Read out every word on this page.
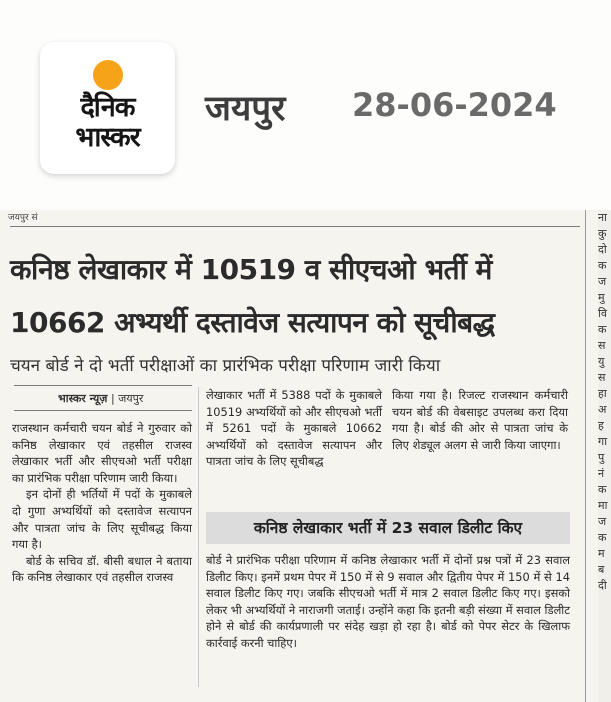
दैनिक
भास्कर
जयपुर 28-06-2024
जयपुर सं
कनिष्ठ लेखाकार में 10519 व सीएचओ भर्ती में
10662 अभ्यर्थी दस्तावेज सत्यापन को सूचीबद्ध
चयन बोर्ड ने दो भर्ती परीक्षाओं का प्रारंभिक परीक्षा परिणाम जारी किया
भास्कर न्यूज़ | जयपुर

राजस्थान कर्मचारी चयन बोर्ड ने गुरुवार को कनिष्ठ लेखाकार एवं तहसील राजस्व लेखाकार भर्ती और सीएचओ भर्ती परीक्षा का प्रारंभिक परीक्षा परिणाम जारी किया।

इन दोनों ही भर्तियों में पदों के मुकाबले दो गुणा अभ्यर्थियों को दस्तावेज सत्यापन और पात्रता जांच के लिए सूचीबद्ध किया गया है।

बोर्ड के सचिव डॉ. बीसी बधाल ने बताया कि कनिष्ठ लेखाकार एवं तहसील राजस्व

लेखाकार भर्ती में 5388 पदों के मुकाबले 10519 अभ्यर्थियों को और सीएचओ भर्ती में 5261 पदों के मुकाबले 10662 अभ्यर्थियों को दस्तावेज सत्यापन और पात्रता जांच के लिए सूचीबद्ध
किया गया है। रिजल्ट राजस्थान कर्मचारी चयन बोर्ड की वेबसाइट उपलब्ध करा दिया गया है। बोर्ड की ओर से पात्रता जांच के लिए शेड्यूल अलग से जारी किया जाएगा।
कनिष्ठ लेखाकार भर्ती में 23 सवाल डिलीट किए
बोर्ड ने प्रारंभिक परीक्षा परिणाम में कनिष्ठ लेखाकार भर्ती में दोनों प्रश्न पत्रों में 23 सवाल डिलीट किए। इनमें प्रथम पेपर में 150 में से 9 सवाल और द्वितीय पेपर में 150 में से 14 सवाल डिलीट किए गए। जबकि सीएचओ भर्ती में मात्र 2 सवाल डिलीट किए गए। इसको लेकर भी अभ्यर्थियों ने नाराजगी जताई। उन्होंने कहा कि इतनी बड़ी संख्या में सवाल डिलीट होने से बोर्ड की कार्यप्रणाली पर संदेह खड़ा हो रहा है। बोर्ड को पेपर सेटर के खिलाफ कार्रवाई करनी चाहिए।
ना
कु
दो
क
ज
मु
वि
क
स
यु
स
हा
अ
ह
गा
पु
नं
क
मा
ज
क
म
ब
दी
